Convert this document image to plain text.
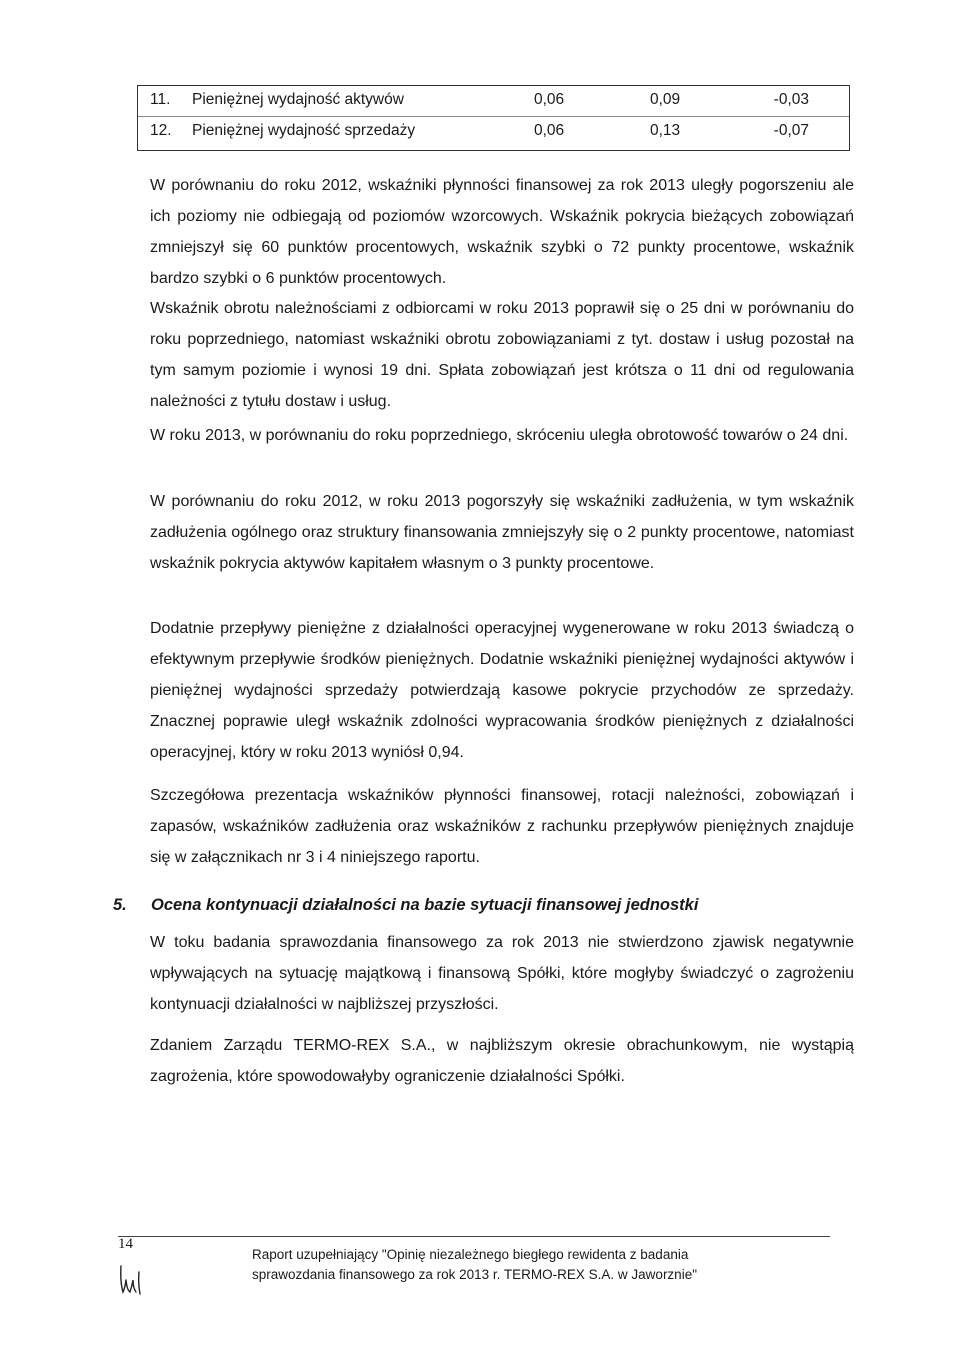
11. Pieniężnej wydajność aktywów	0,06	0,09	-0,03
12. Pieniężnej wydajność sprzedaży	0,06	0,13	-0,07

W porównaniu do roku 2012, wskaźniki płynności finansowej za rok 2013 uległy pogorszeniu ale ich poziomy nie odbiegają od poziomów wzorcowych. Wskaźnik pokrycia bieżących zobowiązań zmniejszył się 60 punktów procentowych, wskaźnik szybki o 72 punkty procentowe, wskaźnik bardzo szybki o 6 punktów procentowych.

Wskaźnik obrotu należnościami z odbiorcami w roku 2013 poprawił się o 25 dni w porównaniu do roku poprzedniego, natomiast wskaźniki obrotu zobowiązaniami z tyt. dostaw i usług pozostał na tym samym poziomie i wynosi 19 dni. Spłata zobowiązań jest krótsza o 11 dni od regulowania należności z tytułu dostaw i usług.

W roku 2013, w porównaniu do roku poprzedniego, skróceniu uległa obrotowość towarów o 24 dni.

W porównaniu do roku 2012, w roku 2013 pogorszyły się wskaźniki zadłużenia, w tym wskaźnik zadłużenia ogólnego oraz struktury finansowania zmniejszyły się o 2 punkty procentowe, natomiast wskaźnik pokrycia aktywów kapitałem własnym o 3 punkty procentowe.

Dodatnie przepływy pieniężne z działalności operacyjnej wygenerowane w roku 2013 świadczą o efektywnym przepływie środków pieniężnych. Dodatnie wskaźniki pieniężnej wydajności aktywów i pieniężnej wydajności sprzedaży potwierdzają kasowe pokrycie przychodów ze sprzedaży. Znacznej poprawie uległ wskaźnik zdolności wypracowania środków pieniężnych z działalności operacyjnej, który w roku 2013 wyniósł 0,94.

Szczegółowa prezentacja wskaźników płynności finansowej, rotacji należności, zobowiązań i zapasów, wskaźników zadłużenia oraz wskaźników z rachunku przepływów pieniężnych znajduje się w załącznikach nr 3 i 4 niniejszego raportu.

5. Ocena kontynuacji działalności na bazie sytuacji finansowej jednostki

W toku badania sprawozdania finansowego za rok 2013 nie stwierdzono zjawisk negatywnie wpływających na sytuację majątkową i finansową Spółki, które mogłyby świadczyć o zagrożeniu kontynuacji działalności w najbliższej przyszłości.

Zdaniem Zarządu TERMO-REX S.A., w najbliższym okresie obrachunkowym, nie wystąpią zagrożenia, które spowodowałyby ograniczenie działalności Spółki.

14
Raport uzupełniający "Opinię niezależnego biegłego rewidenta z badania
sprawozdania finansowego za rok 2013 r. TERMO-REX S.A. w Jaworznie"
